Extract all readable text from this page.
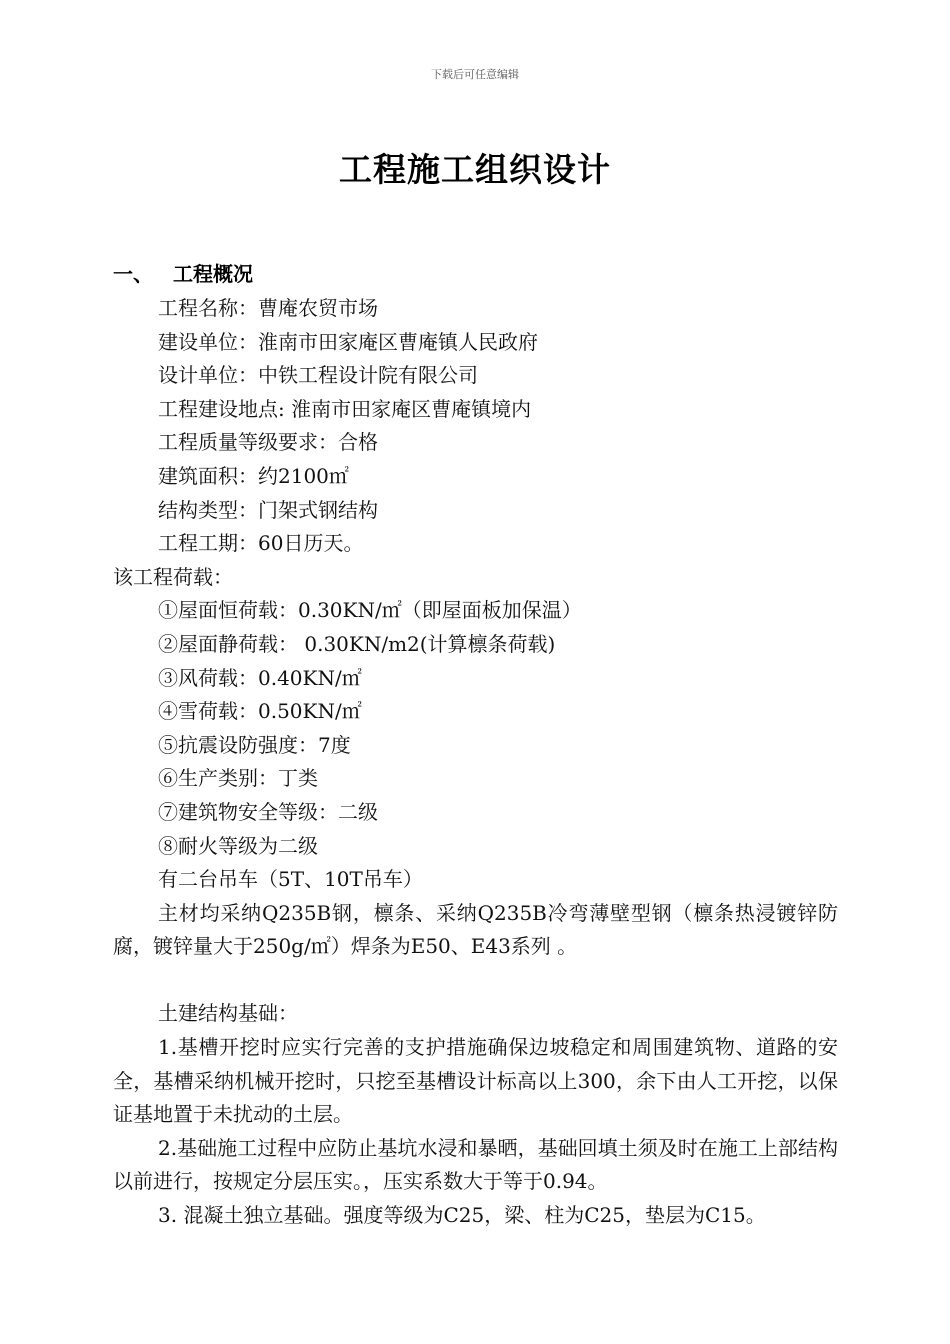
下载后可任意编辑
工程施工组织设计
一、 工程概况
工程名称：曹庵农贸市场
建设单位：淮南市田家庵区曹庵镇人民政府
设计单位：中铁工程设计院有限公司
工程建设地点: 淮南市田家庵区曹庵镇境内
工程质量等级要求：合格
建筑面积：约2100㎡
结构类型：门架式钢结构
工程工期：60日历天。
该工程荷载：
①屋面恒荷载：0.30KN/㎡（即屋面板加保温）
②屋面静荷载： 0.30KN/m2(计算檩条荷载)
③风荷载：0.40KN/㎡
④雪荷载：0.50KN/㎡
⑤抗震设防强度：7度
⑥生产类别：丁类
⑦建筑物安全等级：二级
⑧耐火等级为二级
有二台吊车（5T、10T吊车）
主材均采纳Q235B钢，檩条、采纳Q235B冷弯薄壁型钢（檩条热浸镀锌防腐，镀锌量大于250g/㎡）焊条为E50、E43系列 。
土建结构基础：
1.基槽开挖时应实行完善的支护措施确保边坡稳定和周围建筑物、道路的安全，基槽采纳机械开挖时，只挖至基槽设计标高以上300，余下由人工开挖，以保证基地置于未扰动的土层。
2.基础施工过程中应防止基坑水浸和暴晒，基础回填土须及时在施工上部结构以前进行，按规定分层压实。，压实系数大于等于0.94。
3. 混凝土独立基础。强度等级为C25，梁、柱为C25，垫层为C15。
